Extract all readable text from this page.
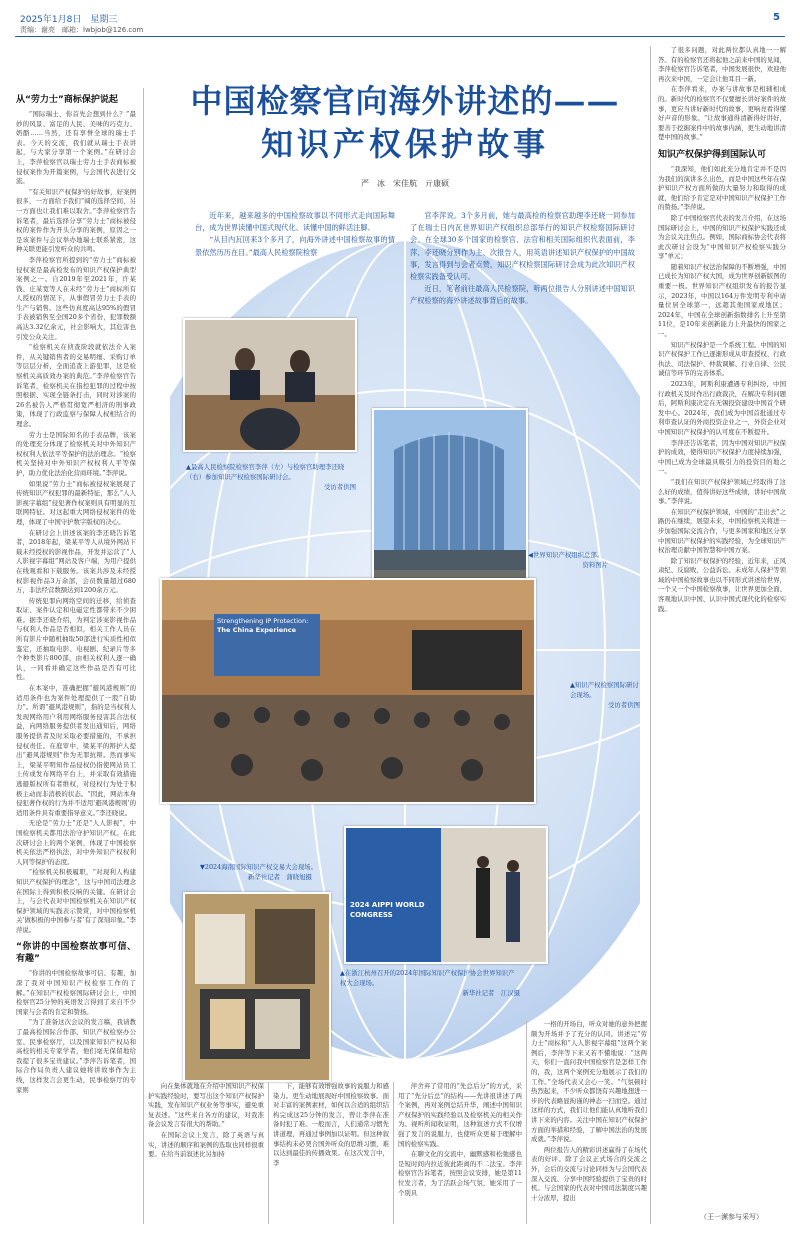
2025年1月8日　星期三
责编：谢亮　邮箱：lwbjob@126.com
5
从“劳力士”商标保护说起

“国际瑞士，你首先会想到什么？”最妙的风景、富足的人民、美味的巧克力、奶酪……当然，还有享誉全球的瑞士手表。今天的交流，我们就从瑞士手表讲起，与大家分享第一个案例。”在研讨会上，李萍检察官以瑞士劳力士手表商标被侵权案作为开篇案例，与会国代表进行交流。

“有关知识产权保护的好故事，好案例很多，一方面给予我们“阔的选择空间，另一方面也让我们难以取舍。”李萍检察官告诉笔者，最后选择分享“劳力士”商标被侵权的案件作为开头分享的案例，原因之一是该案件与会议举办地瑞士联系紧密，这种关联更能引发听众的共鸣。

李萍检察官所提到的“劳力士”商标被侵权案是最高检发布的知识产权保护典型案例之一。自2019年至2021年，许某钱、庄某宽等人在未经“劳力士”商标所有人授权的情况下，从事假冒劳力士手表的生产与销售。这些仿真度高达95%的假冒手表被销售至全国20多个省份，犯罪数额高达3.32亿余元，社会影响大，其危害也引发公众关注。

“检察机关在侦查阶段就依法介入案件，从关键销售者的交易明细、采购订单等层层分析，全面追查上游犯罪，这是检察机关高质效办案的典范。”李萍检察官告诉笔者，检察机关在指控犯罪的过程中按照根据、实现全链条打击，同时对涉案的26名被告人严格贯彻宽严相济的刑事政策，体现了行政监察与保障人权相结合的理念。

劳力士是国际知名的手表品牌，该案的处理充分体现了检察机关对中外知识产权权利人依法平等保护的法治理念。“检察机关坚持对中外知识产权权利人平等保护，助力优化法治化营商环境。”李萍说。

如果说“劳力士”商标被侵权案展现了传统知识产权犯罪的最新特征，那么“人人影视字幕组”侵犯著作权案则具有明显的互联网特征。对这起重大网络侵权案件的处理，体现了中国守护数字版权的决心。

在研讨会上讲述该案的李还晓告诉笔者，2018年起，梁某平等人从境外网站下载未经授权的影视作品，开发并运营了“人人影视字幕组”网站及客户端，为用户提供在线观看和下载服务。该案共涉及未经授权影视作品3万余部，会员数量超过680万，非法经营数额达到1200余万元。

传统犯罪向网络空间的迁移，给侦查取证、案件认定和电磁定性都带来不少困难。据李还晓介绍，为判定涉案影视作品与权利人作品是否相似，相关工作人员在所有影片中随机抽取50部进行实质性相似鉴定，还抽取电影、电视剧、纪录片等多个种类影片800部，由相关权利人逐一确认，一同看并确定这些作品是否有可比性。

在本案中，准确把握“避风港规则”的适用条件也为案件处理提供了一股“自助力”。所谓“避风港规则”，指的是当权利人发现网络用户利用网络服务侵害其合法权益，向网络服务提供者发出通知后，网络服务提供者及时采取必要措施的，不承担侵权责任。在庭审中，梁某平的辩护人提出“避风港规则”作为无罪抗辩。然而事实上，梁某平明知作品侵权仍指使网站员工上传或发布网络平台上，并采取有效措施逃避版权所有者维权，对侵权行为处于积极主动而非消极的状态。“因此，网站本身侵犯著作权的行为并不适用‘避风港规则’的适用条件具有重要指导意义。”李还晓说。

无论是“劳力士”还是“人人影视”，中国检察机关都用法治守护知识产权。在此次研讨会上的两个案例，体现了中国检察机关依法严格执法，对中外知识产权权利人同等保护的态度。

“检察机关积极履职，“对现利人构建知识产权保护的理念”，这与中国司法理念在国际上得到积极反响的关键。在研讨会上，与会代表对中国检察机关在知识产权保护领域的实践表示赞赏，对中国检察机关‘做积极的中国参与者’有了深刻印象。”李萍说。

“你讲的中国检察故事可信、有趣”

“你讲的中国检察故事可信、有趣，加深了我对中国知识产权检察工作的了解。”在知识产权检察国际研讨会上，中国检察官25分钟的英语发言得到了来自不少国家与会者的肯定和赞扬。

“为了准备这次会议的发言稿，我请教了最高检国际合作部、知识产权检察办公室、民事检察厅，以及国家知识产权局和高校的相关专家学者，他们毫无保留地给我提了很多宝贵建议。”李萍告诉笔者，国际合作局负责人建议她将讲故事作为主线，这样发言会更生动，民事检察厅的专家则

了很多问题，对此两位都认真地一一解答。有的检察官还将起他之前来中国的见闻，李萍检察官告诉笔者，中国发展很快，欢迎他再次来中国，一定会让他耳目一新。

在李萍看来，办案与讲故事是相辅相成的。新时代的检察官不仅要擅长讲好案件的故事，更应当讲好新时代的故事，更响亮看得懂好声音的形象。“让故事通得清新得好讲好，要善于挖掘案件中的故事内涵，更生动地讲清楚中国的故事。”

知识产权保护得到国际认可

“我深知，他们如此充分地肯定并不是因为我们的演讲多么出色，而是中国这些年在保护知识产权方面所做的大量努力和取得的成就，他们给予肯定是对中国知识产权保护工作的赞扬。”李萍说。

除了中国检察官代表的发言介绍，在这场国际研讨会上，中国的知识产权保护实践还成为会议关注焦点。例如，国际商标协会代表将此次研讨会设为“中国知识产权检察实践分享”单元；

随着知识产权法治保障的不断增强，中国已成长为知识产权大国，成为世界创新版图的重要一极。世界知识产权组织发布的报告显示，2023年，中国以164万件发明专利申请量位居全球第一，远超其他国家或地区；2024年，中国在全球创新指数排名上升至第11位，是10年来创新能力上升最快的国家之一。

知识产权保护是一个系统工程。中国的知识产权保护工作已逐渐形成从审查授权、行政执法、司法保护、仲裁调解、行业自律、公民诚信等环节的完善体系。

2023年，阿斯利康遭遇专利纠纷，中国行政机关及时作出行政裁决，在解决专利问题后，阿斯利康决定在无锡投资建设中国首个研发中心。2024年，我们成为中国首批通过专利审查认证的外商投资企业之一，外资企业对中国知识产权保护的认可度在不断提升。

李萍还告诉笔者，因为中国对知识产权保护的成效，使得知识产权保护力度持续加强，中国已成为全球最具吸引力的投资目的地之一。

“我们在知识产权保护领域已经取得了这么好的成绩，值得讲好这些成绩，讲好中国故事。”李萍说。

在知识产权保护领域，中国的“走出去”之路仍在继续，展望未来，中国检察机关将进一步加强国际交流合作，与更多国家和地区分享中国知识产权保护的实践经验，为全球知识产权治理贡献中国智慧和中国方案。

除了知识产权保护的经验，近年来，正风肃纪、反腐败、公益诉讼、未成年人保护等领域的中国检察故事也以不同形式讲述给世界，一个又一个中国检察故事，让世界更加全面、客观地认识中国、认识中国式现代化的检察实践。

中国检察官向海外讲述的——
知识产权保护故事
严　冰　宋佳航　亓康硕

近年来，越来越多的中国检察故事以不同形式走向国际舞台，成为世界读懂中国式现代化、读懂中国的鲜活注脚。

“从目内瓦回来3个多月了，向海外讲述中国检察故事的情景依然历历在目。”最高人民检察院检察

官李萍说。3个多月前，她与最高检的检察官助理李还晓一同参加了在瑞士日内瓦世界知识产权组织总部举行的知识产权检察国际研讨会。在全球30多个国家的检察官、法官和相关国际组织代表面前，李萍、李还晓分别作为主、次报告人，用英语讲述知识产权保护的中国故事，发言得到与会者点赞，知识产权检察国际研讨会成为此次知识产权检察实践备受认可。

近日，笔者前往最高人民检察院，听两位报告人分别讲述中国知识产权检察的海外讲述故事背后的故事。

▲最高人民检察院检察官李萍（左）与检察官助理李还晓（右）参加知识产权检察国际研讨会。
受访者供图
◀世界知识产权组织总部。
资料图片
Strengthening IP Protection:
The China Experience
▲知识产权检察国际研讨会现场。
受访者供图
2024 AIPPI WORLD CONGRESS
▲在浙江杭州召开的2024年国际知识产权保护协会世界知识产权大会现场。
新华社记者　江汉摄
▼2024海南国际知识产权交易大会现场。
新华社记者　蒲晓旭摄

向在集体就地在介绍中国知识产权保护实践经验时，要写出这个知识产权保护实践，发布知识产权业务等事实，避免重复表述。“这些来自各方的建议，对我准备会议发言有很大的帮助。”

在国际会议上发言，除了英语与真实，讲述的顺序和案例的选取也同样很重要。在给当前叙述比另加持

下，能够有效增强故事的说服力和感染力。更生动地展现好中国检察故事。面对丰富的案例素材，如何以合适的组织结构完成这25分钟的发言，曾让李萍在准备时犯了难。一般而言，人们通常习惯先讲道理，再通过事例加以证明。但这种叙事结构未必契合国外听众的思维习惯，难以达到最佳的传播效果。在这次发言中，李

萍舍弃了常用的“先总后分”的方式，采用了“先分后总”的结构——先讲很讲述了两个案例，再对案例总结升华，阐述中国知识产权保护的实践经验以及检察机关的相关作为。视听所闻收证明，这种叙述方式不仅增强了发言的说服力，也使听众更易于理解中国的检察实践。

在聊文化的交流中，幽默感和松弛感也是短时间内拉近彼此距离的不二法宝。李萍检察官告诉笔者，按照会议安排，她是第11位发言者，为了活跃会场气氛，她采用了一个别具

一格的开场白，听众对她的意外把握颇为开场并予了充分的认同。讲述完“劳力士”商标和“人人影视字幕组”这两个案例后，李萍等下来又若不懂地说：“这两天，你们一直问我中国检察官是怎样工作的，我，这两个案例充分地展示了我们的工作。”全场代表又会心一笑。“气氛顿时热烈起来，不少听众都饶有兴趣地想进一步的代表略显拘谨的神态一扫而空。通过这样的方式，我们让他们能认真地听我们讲下来的内容。关注中国在知识产权保护方面的举措和经验，了解中国法治的发展成就。”李萍说。

两位报告人的精彩讲述赢得了在场代表的好评。除了会议正式场合的交流之外，会后的交流与讨论同样为与会国代表深入交流、分享中国经验提供了宝贵的时机。与会国家的代表对中国司法制度兴趣十分浓厚，提出

（王一潆参与采写）
